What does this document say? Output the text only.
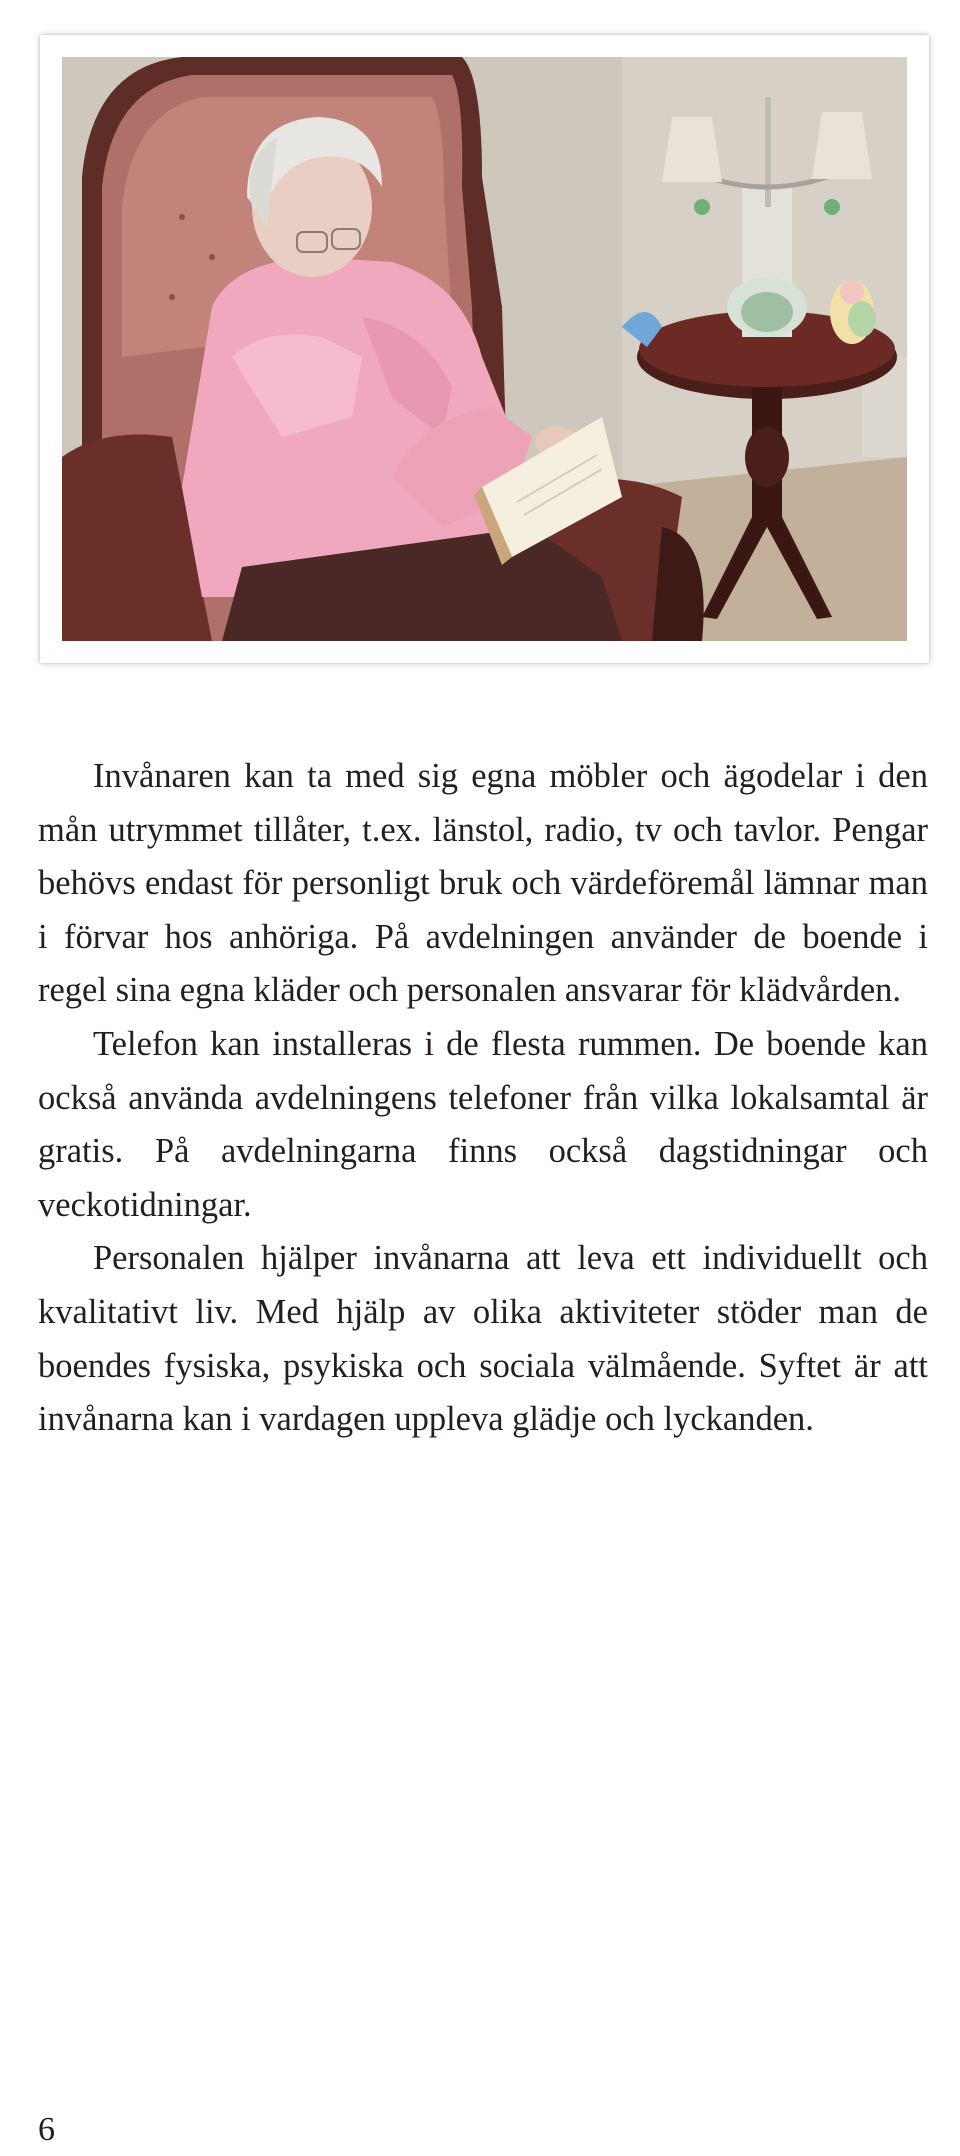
Invånaren kan ta med sig egna möbler och ägodelar i den mån utrymmet tillåter, t.ex. länstol, radio, tv och tavlor. Pengar behövs endast för personligt bruk och värdeföremål lämnar man i förvar hos anhöriga. På avdelningen använder de boende i regel sina egna kläder och personalen ansvarar för klädvården.

Telefon kan installeras i de flesta rummen. De boende kan också använda avdelningens telefoner från vilka lokalsamtal är gratis. På avdelningarna finns också dagstidningar och veckotidningar.

Personalen hjälper invånarna att leva ett individuellt och kvalitativt liv. Med hjälp av olika aktiviteter stöder man de boendes fysiska, psykiska och sociala välmående. Syftet är att invånarna kan i vardagen uppleva glädje och lyckanden.

6
